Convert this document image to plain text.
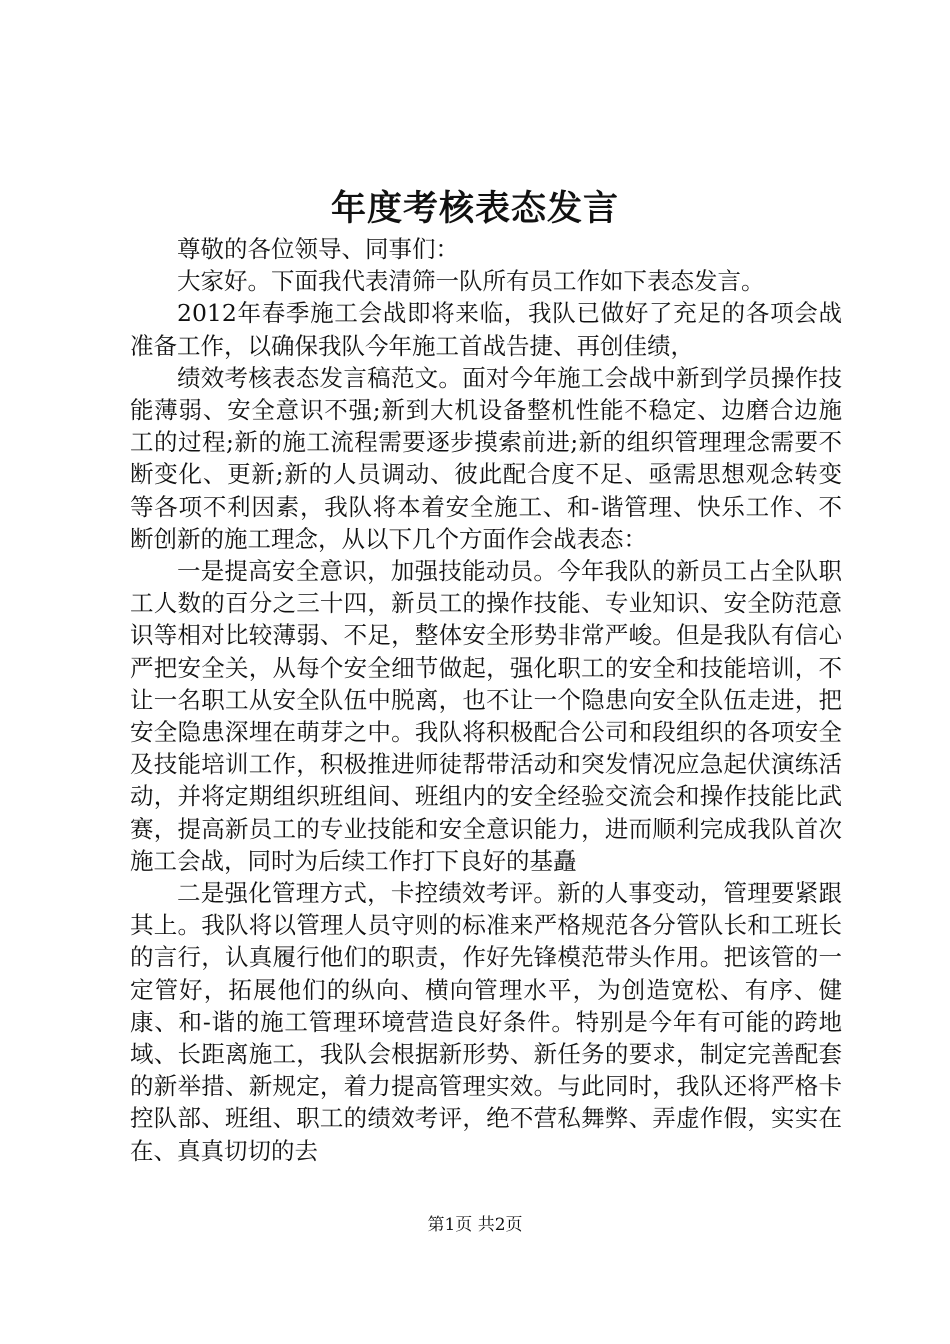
年度考核表态发言

尊敬的各位领导、同事们：

大家好。下面我代表清筛一队所有员工作如下表态发言。

2012年春季施工会战即将来临，我队已做好了充足的各项会战准备工作，以确保我队今年施工首战告捷、再创佳绩，

绩效考核表态发言稿范文。面对今年施工会战中新到学员操作技能薄弱、安全意识不强;新到大机设备整机性能不稳定、边磨合边施工的过程;新的施工流程需要逐步摸索前进;新的组织管理理念需要不断变化、更新;新的人员调动、彼此配合度不足、亟需思想观念转变等各项不利因素，我队将本着安全施工、和-谐管理、快乐工作、不断创新的施工理念，从以下几个方面作会战表态：

一是提高安全意识，加强技能动员。今年我队的新员工占全队职工人数的百分之三十四，新员工的操作技能、专业知识、安全防范意识等相对比较薄弱、不足，整体安全形势非常严峻。但是我队有信心严把安全关，从每个安全细节做起，强化职工的安全和技能培训，不让一名职工从安全队伍中脱离，也不让一个隐患向安全队伍走进，把安全隐患深埋在萌芽之中。我队将积极配合公司和段组织的各项安全及技能培训工作，积极推进师徒帮带活动和突发情况应急起伏演练活动，并将定期组织班组间、班组内的安全经验交流会和操作技能比武赛，提高新员工的专业技能和安全意识能力，进而顺利完成我队首次施工会战，同时为后续工作打下良好的基矗

二是强化管理方式，卡控绩效考评。新的人事变动，管理要紧跟其上。我队将以管理人员守则的标准来严格规范各分管队长和工班长的言行，认真履行他们的职责，作好先锋模范带头作用。把该管的一定管好，拓展他们的纵向、横向管理水平，为创造宽松、有序、健康、和-谐的施工管理环境营造良好条件。特别是今年有可能的跨地域、长距离施工，我队会根据新形势、新任务的要求，制定完善配套的新举措、新规定，着力提高管理实效。与此同时，我队还将严格卡控队部、班组、职工的绩效考评，绝不营私舞弊、弄虚作假，实实在在、真真切切的去

第1页 共2页
